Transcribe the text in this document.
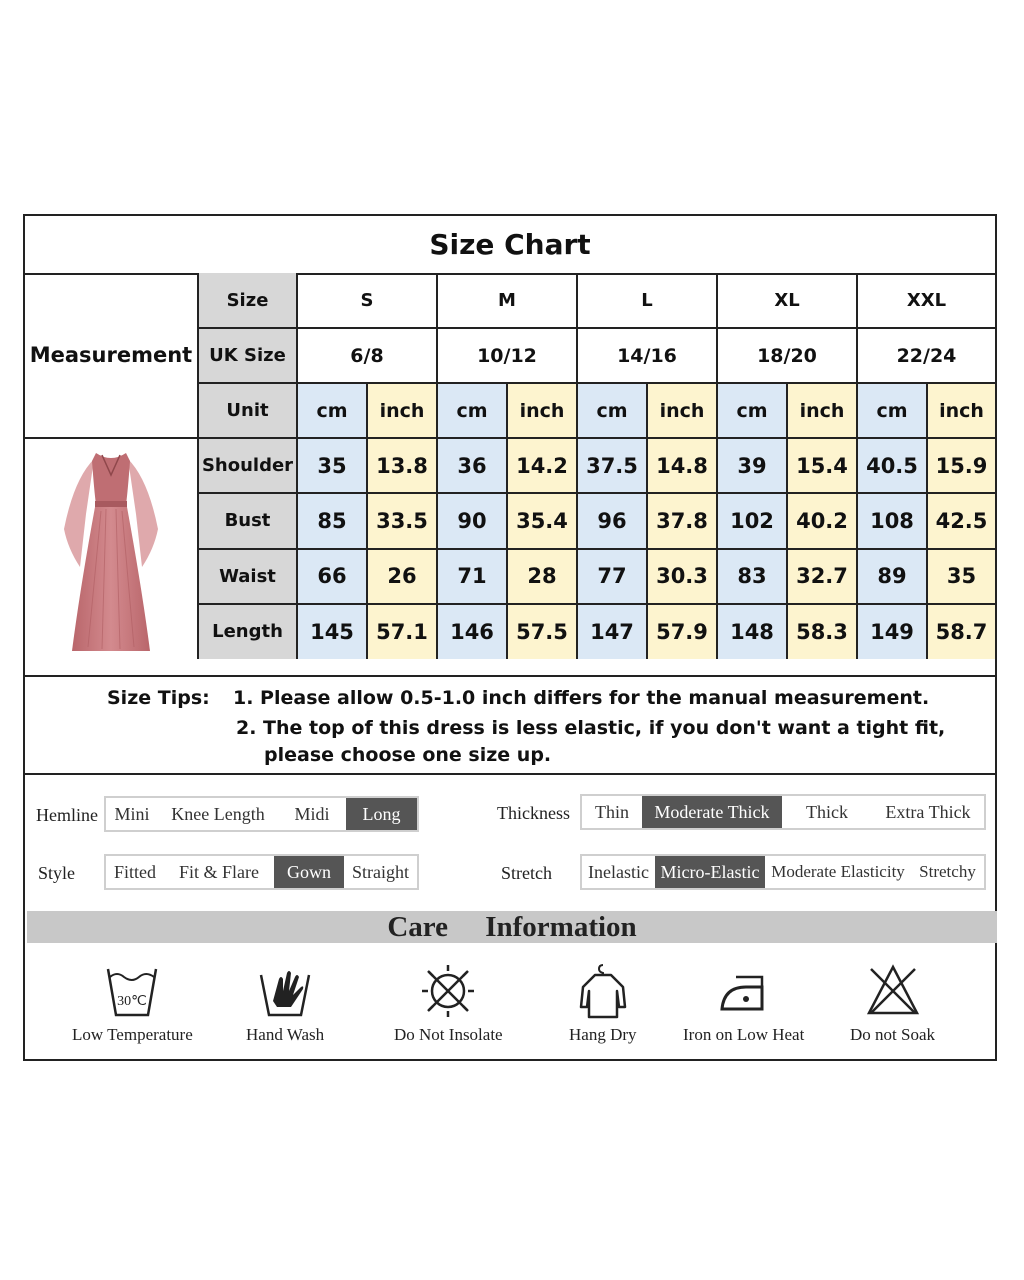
Size Chart
Measurement	Size	S		M		L		XL		XXL	
	UK Size	6/8		10/12		14/16		18/20		22/24	
	Unit	cm	inch	cm	inch	cm	inch	cm	inch	cm	inch

	Shoulder	35	13.8	36	14.2	37.5	14.8	39	15.4	40.5	15.9
	Bust	85	33.5	90	35.4	96	37.8	102	40.2	108	42.5
	Waist	66	26	71	28	77	30.3	83	32.7	89	35
	Length	145	57.1	146	57.5	147	57.9	148	58.3	149	58.7
Size Tips: 1. Please allow 0.5-1.0 inch differs for the manual measurement.
2. The top of this dress is less elastic, if you don't want a tight fit,
please choose one size up.
Hemline Mini	Knee Length	Midi	Long	Thickness	Thin	Moderate Thick	Thick	Extra Thick
Style	Fitted	Fit & Flare	Gown	Straight	Stretch	Inelastic Micro-Elastic Moderate Elasticity Stretchy
Care Information
30℃
Low Temperature	Hand Wash	Do Not Insolate	Hang Dry	Iron on Low Heat	Do not Soak
